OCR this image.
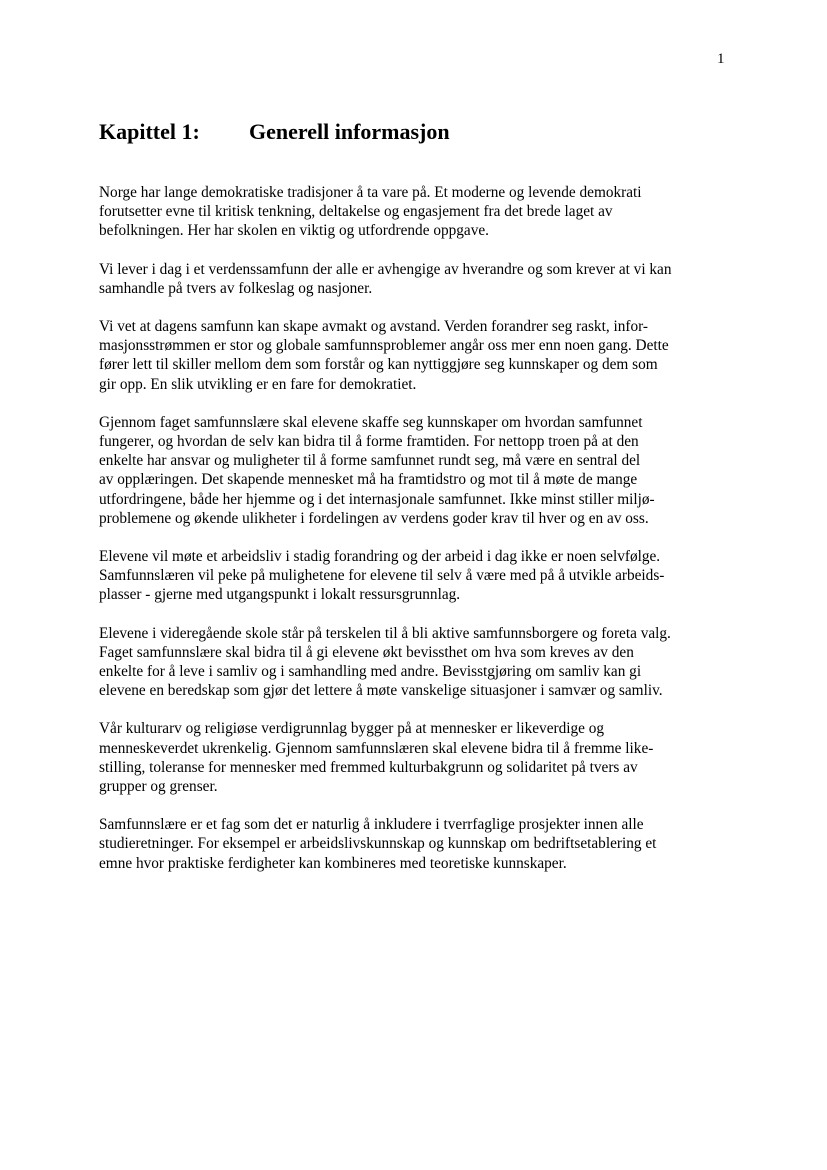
1
Kapittel 1: Generell informasjon

Norge har lange demokratiske tradisjoner å ta vare på. Et moderne og levende demokrati
forutsetter evne til kritisk tenkning, deltakelse og engasjement fra det brede laget av
befolkningen. Her har skolen en viktig og utfordrende oppgave.

Vi lever i dag i et verdenssamfunn der alle er avhengige av hverandre og som krever at vi kan
samhandle på tvers av folkeslag og nasjoner.

Vi vet at dagens samfunn kan skape avmakt og avstand. Verden forandrer seg raskt, infor-
masjonsstrømmen er stor og globale samfunnsproblemer angår oss mer enn noen gang. Dette
fører lett til skiller mellom dem som forstår og kan nyttiggjøre seg kunnskaper og dem som
gir opp. En slik utvikling er en fare for demokratiet.

Gjennom faget samfunnslære skal elevene skaffe seg kunnskaper om hvordan samfunnet
fungerer, og hvordan de selv kan bidra til å forme framtiden. For nettopp troen på at den
enkelte har ansvar og muligheter til å forme samfunnet rundt seg, må være en sentral del
av opplæringen. Det skapende mennesket må ha framtidstro og mot til å møte de mange
utfordringene, både her hjemme og i det internasjonale samfunnet. Ikke minst stiller miljø-
problemene og økende ulikheter i fordelingen av verdens goder krav til hver og en av oss.

Elevene vil møte et arbeidsliv i stadig forandring og der arbeid i dag ikke er noen selvfølge.
Samfunnslæren vil peke på mulighetene for elevene til selv å være med på å utvikle arbeids-
plasser - gjerne med utgangspunkt i lokalt ressursgrunnlag.

Elevene i videregående skole står på terskelen til å bli aktive samfunnsborgere og foreta valg.
Faget samfunnslære skal bidra til å gi elevene økt bevissthet om hva som kreves av den
enkelte for å leve i samliv og i samhandling med andre. Bevisstgjøring om samliv kan gi
elevene en beredskap som gjør det lettere å møte vanskelige situasjoner i samvær og samliv.

Vår kulturarv og religiøse verdigrunnlag bygger på at mennesker er likeverdige og
menneskeverdet ukrenkelig. Gjennom samfunnslæren skal elevene bidra til å fremme like-
stilling, toleranse for mennesker med fremmed kulturbakgrunn og solidaritet på tvers av
grupper og grenser.

Samfunnslære er et fag som det er naturlig å inkludere i tverrfaglige prosjekter innen alle
studieretninger. For eksempel er arbeidslivskunnskap og kunnskap om bedriftsetablering et
emne hvor praktiske ferdigheter kan kombineres med teoretiske kunnskaper.
